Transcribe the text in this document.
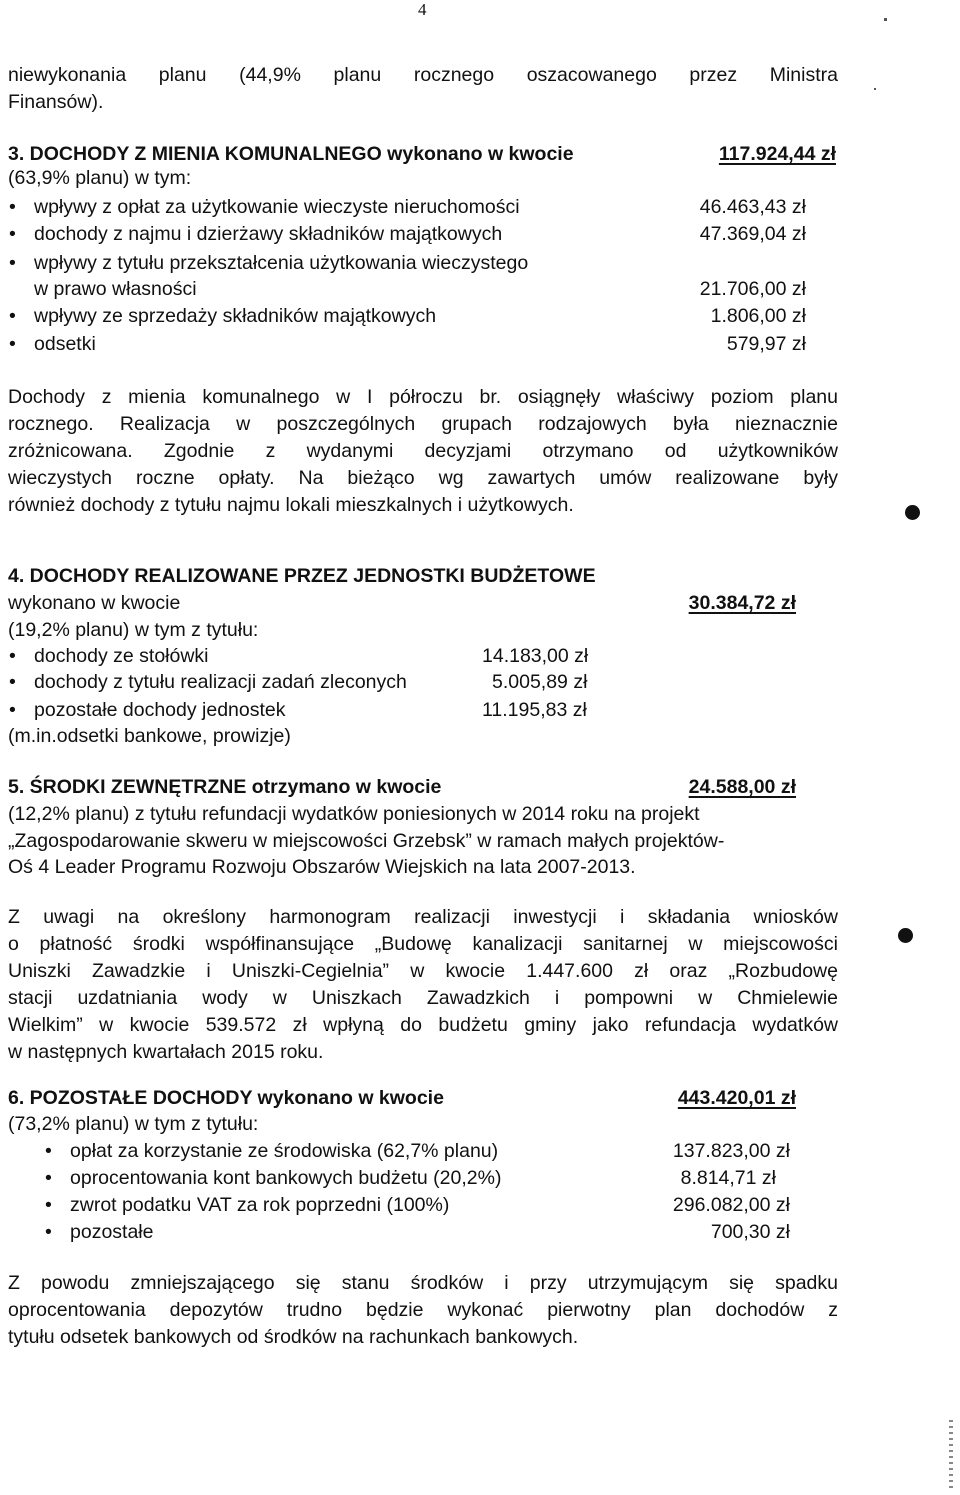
4
niewykonania planu (44,9% planu rocznego oszacowanego przez Ministra
Finansów).
3. DOCHODY Z MIENIA KOMUNALNEGO wykonano w kwocie	117.924,44 zł
(63,9% planu) w tym:
• wpływy z opłat za użytkowanie wieczyste nieruchomości	46.463,43 zł
• dochody z najmu i dzierżawy składników majątkowych	47.369,04 zł
• wpływy z tytułu przekształcenia użytkowania wieczystego
w prawo własności	21.706,00 zł
• wpływy ze sprzedaży składników majątkowych	1.806,00 zł
• odsetki	579,97 zł
Dochody z mienia komunalnego w I półroczu br. osiągnęły właściwy poziom planu
rocznego. Realizacja w poszczególnych grupach rodzajowych była nieznacznie
zróżnicowana. Zgodnie z wydanymi decyzjami otrzymano od użytkowników
wieczystych roczne opłaty. Na bieżąco wg zawartych umów realizowane były
również dochody z tytułu najmu lokali mieszkalnych i użytkowych.
4. DOCHODY REALIZOWANE PRZEZ JEDNOSTKI BUDŻETOWE
wykonano w kwocie	30.384,72 zł
(19,2% planu) w tym z tytułu:
• dochody ze stołówki	14.183,00 zł
• dochody z tytułu realizacji zadań zleconych	5.005,89 zł
• pozostałe dochody jednostek	11.195,83 zł
(m.in.odsetki bankowe, prowizje)
5. ŚRODKI ZEWNĘTRZNE otrzymano w kwocie	24.588,00 zł
(12,2% planu) z tytułu refundacji wydatków poniesionych w 2014 roku na projekt
„Zagospodarowanie skweru w miejscowości Grzebsk” w ramach małych projektów-
Oś 4 Leader Programu Rozwoju Obszarów Wiejskich na lata 2007-2013.
Z uwagi na określony harmonogram realizacji inwestycji i składania wniosków
o płatność środki współfinansujące „Budowę kanalizacji sanitarnej w miejscowości
Uniszki Zawadzkie i Uniszki-Cegielnia” w kwocie 1.447.600 zł oraz „Rozbudowę
stacji uzdatniania wody w Uniszkach Zawadzkich i pompowni w Chmielewie
Wielkim” w kwocie 539.572 zł wpłyną do budżetu gminy jako refundacja wydatków
w następnych kwartałach 2015 roku.
6. POZOSTAŁE DOCHODY wykonano w kwocie	443.420,01 zł
(73,2% planu) w tym z tytułu:
• opłat za korzystanie ze środowiska (62,7% planu)	137.823,00 zł
• oprocentowania kont bankowych budżetu (20,2%)	8.814,71 zł
• zwrot podatku VAT za rok poprzedni (100%)	296.082,00 zł
• pozostałe	700,30 zł
Z powodu zmniejszającego się stanu środków i przy utrzymującym się spadku
oprocentowania depozytów trudno będzie wykonać pierwotny plan dochodów z
tytułu odsetek bankowych od środków na rachunkach bankowych.
